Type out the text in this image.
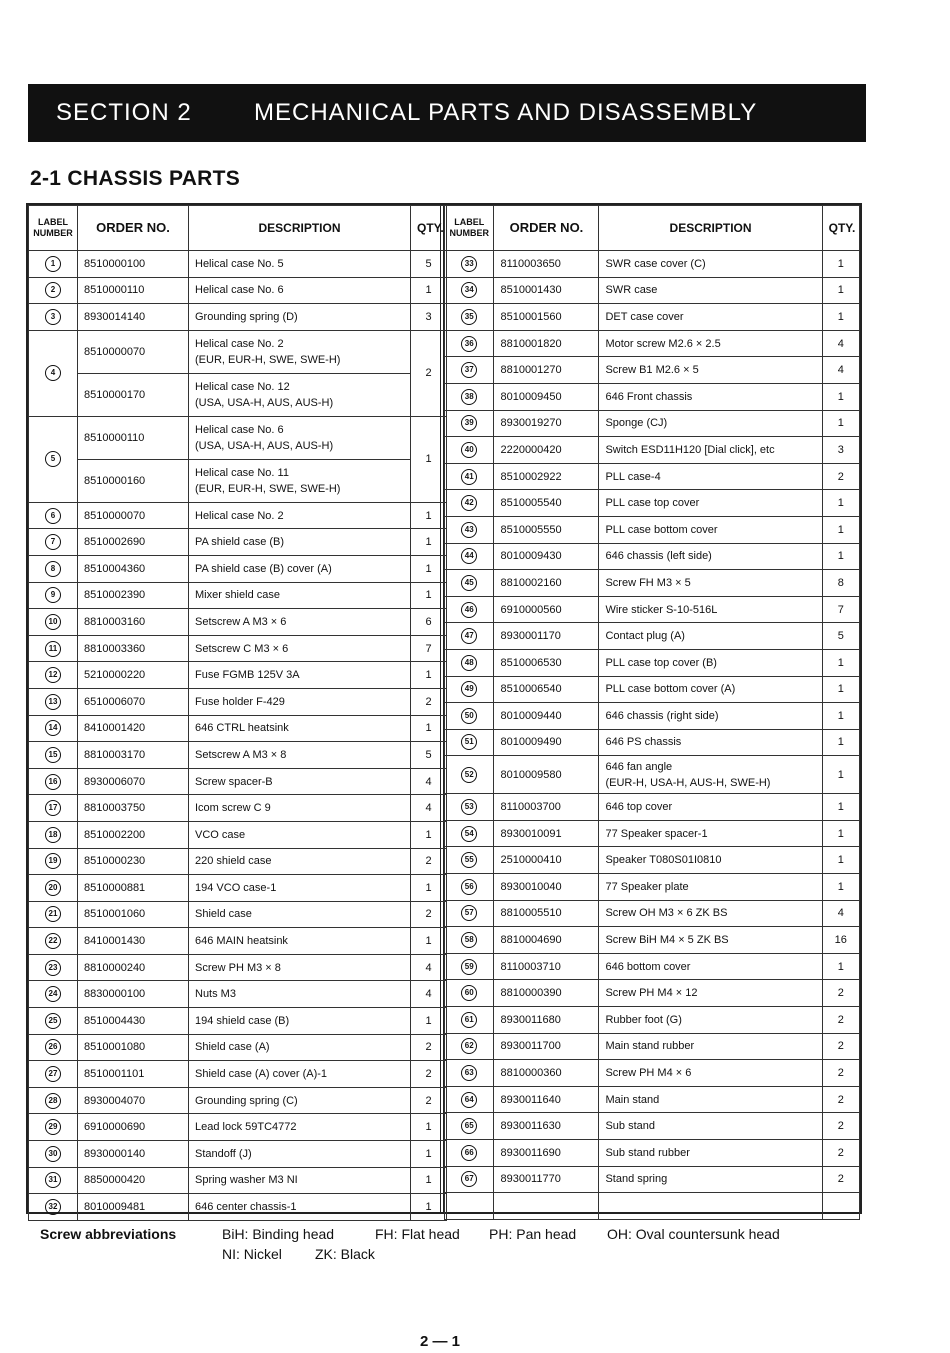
SECTION 2	MECHANICAL PARTS AND DISASSEMBLY
2-1 CHASSIS PARTS
LABEL NUMBER	ORDER NO.	DESCRIPTION	QTY.
1	8510000100	Helical case No. 5	5
2	8510000110	Helical case No. 6	1
3	8930014140	Grounding spring (D)	3
4	8510000070	Helical case No. 2
(EUR, EUR-H, SWE, SWE-H)	2
	8510000170	Helical case No. 12
(USA, USA-H, AUS, AUS-H)	

5	8510000110	Helical case No. 6
(USA, USA-H, AUS, AUS-H)	1
	8510000160	Helical case No. 11
(EUR, EUR-H, SWE, SWE-H)	

6	8510000070	Helical case No. 2	1
7	8510002690	PA shield case (B)	1
8	8510004360	PA shield case (B) cover (A)	1
9	8510002390	Mixer shield case	1
10	8810003160	Setscrew A M3 × 6	6
11	8810003360	Setscrew C M3 × 6	7
12	5210000220	Fuse FGMB 125V 3A	1
13	6510006070	Fuse holder F-429	2
14	8410001420	646 CTRL heatsink	1
15	8810003170	Setscrew A M3 × 8	5
16	8930006070	Screw spacer-B	4
17	8810003750	Icom screw C 9	4
18	8510002200	VCO case	1
19	8510000230	220 shield case	2
20	8510000881	194 VCO case-1	1
21	8510001060	Shield case	2
22	8410001430	646 MAIN heatsink	1
23	8810000240	Screw PH M3 × 8	4
24	8830000100	Nuts M3	4
25	8510004430	194 shield case (B)	1
26	8510001080	Shield case (A)	2
27	8510001101	Shield case (A) cover (A)-1	2
28	8930004070	Grounding spring (C)	2
29	6910000690	Lead lock 59TC4772	1
30	8930000140	Standoff (J)	1
31	8850000420	Spring washer M3 NI	1
32	8010009481	646 center chassis-1	1
LABEL NUMBER	ORDER NO.	DESCRIPTION	QTY.
33	8110003650	SWR case cover (C)	1
34	8510001430	SWR case	1
35	8510001560	DET case cover	1
36	8810001820	Motor screw M2.6 × 2.5	4
37	8810001270	Screw B1 M2.6 × 5	4
38	8010009450	646 Front chassis	1
39	8930019270	Sponge (CJ)	1
40	2220000420	Switch ESD11H120 [Dial click], etc	3
41	8510002922	PLL case-4	2
42	8510005540	PLL case top cover	1
43	8510005550	PLL case bottom cover	1
44	8010009430	646 chassis (left side)	1
45	8810002160	Screw FH M3 × 5	8
46	6910000560	Wire sticker S-10-516L	7
47	8930001170	Contact plug (A)	5
48	8510006530	PLL case top cover (B)	1
49	8510006540	PLL case bottom cover (A)	1
50	8010009440	646 chassis (right side)	1
51	8010009490	646 PS chassis	1
52	8010009580	646 fan angle
(EUR-H, USA-H, AUS-H, SWE-H)	1
53	8110003700	646 top cover	1
54	8930010091	77 Speaker spacer-1	1
55	2510000410	Speaker T080S01I0810	1
56	8930010040	77 Speaker plate	1
57	8810005510	Screw OH M3 × 6 ZK BS	4
58	8810004690	Screw BiH M4 × 5 ZK BS	16
59	8110003710	646 bottom cover	1
60	8810000390	Screw PH M4 × 12	2
61	8930011680	Rubber foot (G)	2
62	8930011700	Main stand rubber	2
63	8810000360	Screw PH M4 × 6	2
64	8930011640	Main stand	2
65	8930011630	Sub stand	2
66	8930011690	Sub stand rubber	2
67	8930011770	Stand spring	2

Screw abbreviations	BiH: Binding head	FH: Flat head PH: Pan head OH: Oval countersunk head
NI: Nickel ZK: Black
2 — 1
